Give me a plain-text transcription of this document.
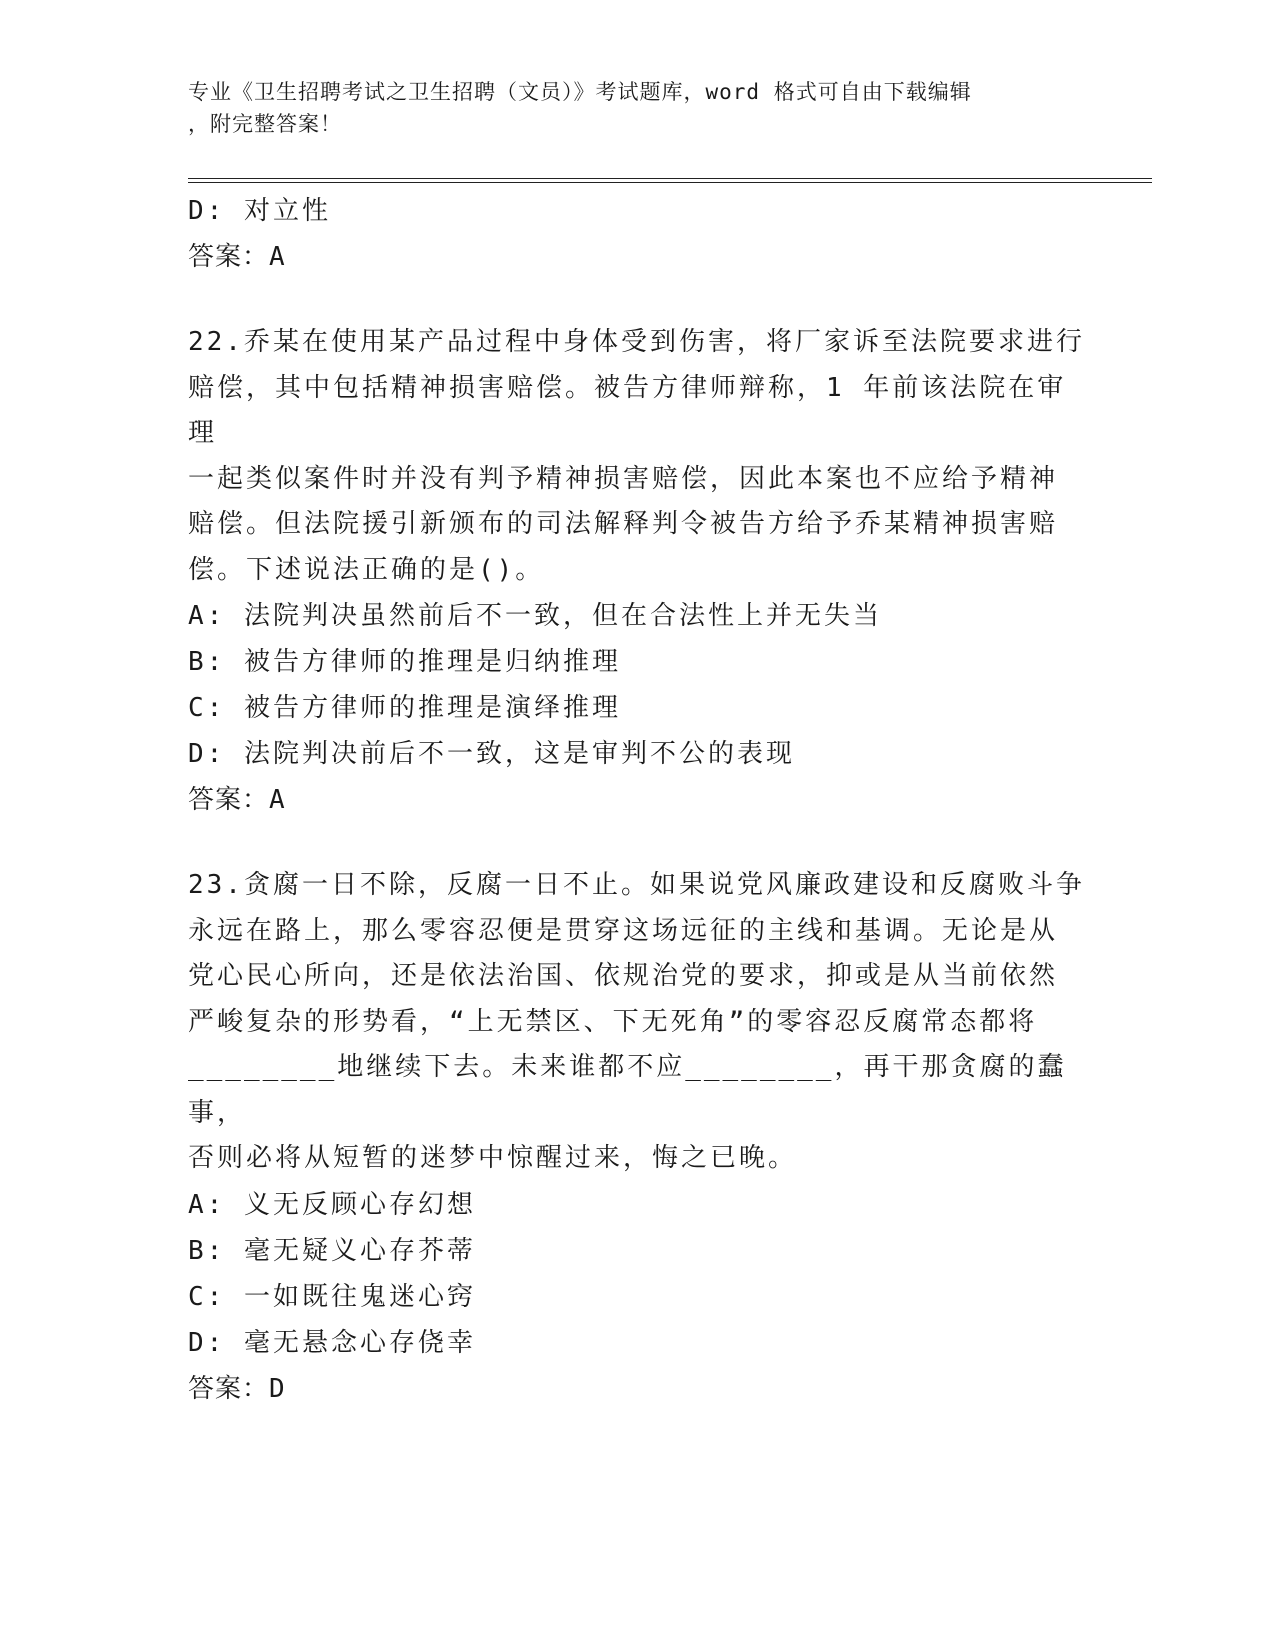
专业《卫生招聘考试之卫生招聘（文员）》考试题库，word 格式可自由下载编辑
，附完整答案！
D: 对立性
答案：A
22.乔某在使用某产品过程中身体受到伤害，将厂家诉至法院要求进行
赔偿，其中包括精神损害赔偿。被告方律师辩称，1 年前该法院在审理
一起类似案件时并没有判予精神损害赔偿，因此本案也不应给予精神
赔偿。但法院援引新颁布的司法解释判令被告方给予乔某精神损害赔
偿。下述说法正确的是()。
A: 法院判决虽然前后不一致，但在合法性上并无失当
B: 被告方律师的推理是归纳推理
C: 被告方律师的推理是演绎推理
D: 法院判决前后不一致，这是审判不公的表现
答案：A
23.贪腐一日不除，反腐一日不止。如果说党风廉政建设和反腐败斗争
永远在路上，那么零容忍便是贯穿这场远征的主线和基调。无论是从
党心民心所向，还是依法治国、依规治党的要求，抑或是从当前依然
严峻复杂的形势看，“上无禁区、下无死角”的零容忍反腐常态都将
________地继续下去。未来谁都不应________，再干那贪腐的蠢事，
否则必将从短暂的迷梦中惊醒过来，悔之已晚。
A: 义无反顾心存幻想
B: 毫无疑义心存芥蒂
C: 一如既往鬼迷心窍
D: 毫无悬念心存侥幸
答案：D
